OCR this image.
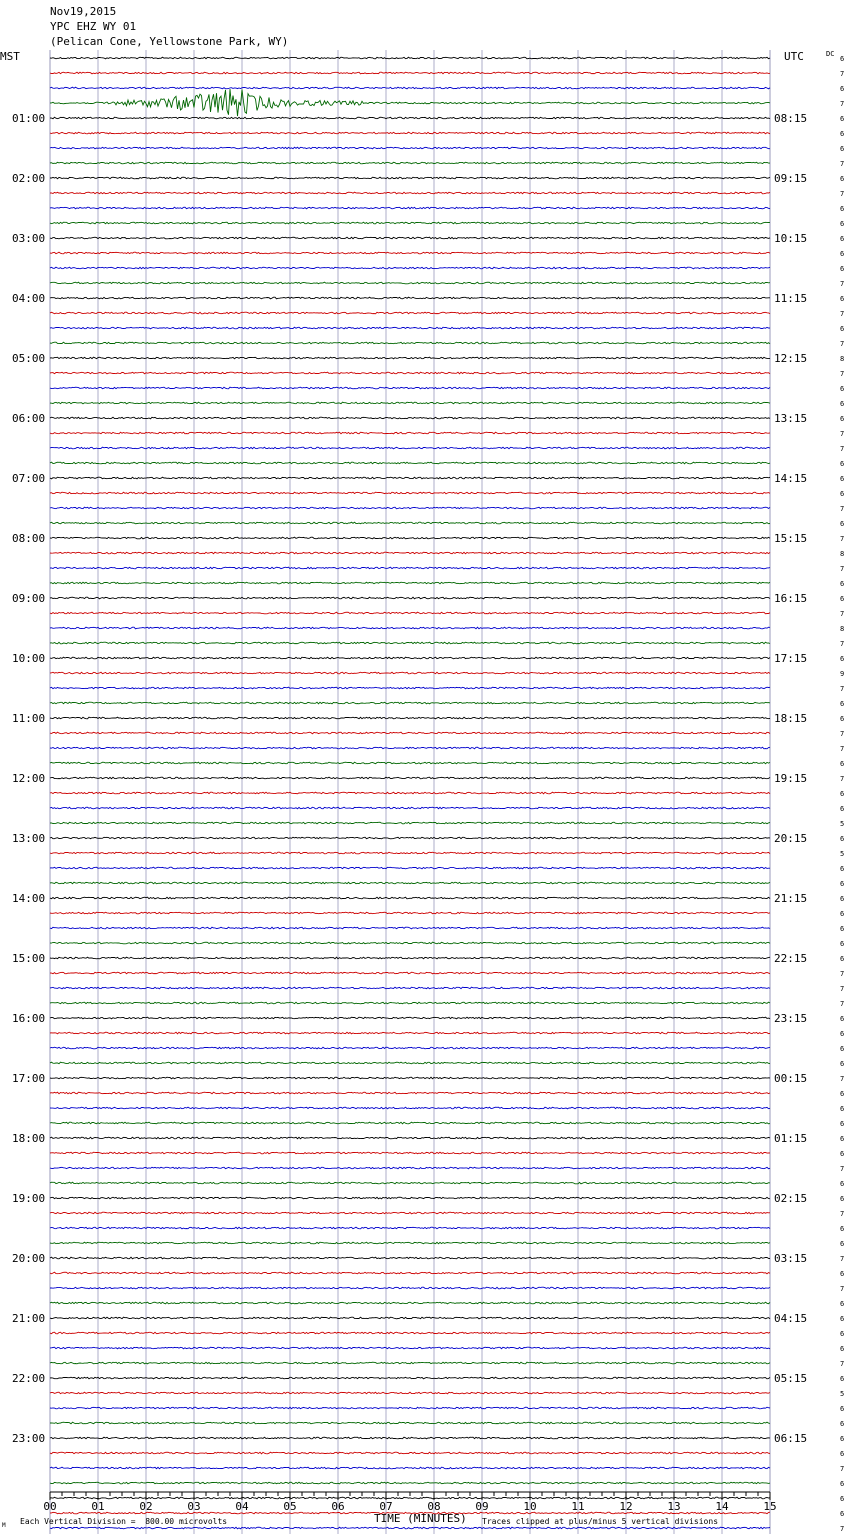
Nov19,2015
YPC EHZ WY 01
(Pelican Cone, Yellowstone Park, WY)
MST	UTC	DC
6
7
6
7
6
6
6
7
6
7
6
6
6
6
6
7
6
7
6
7
8
7
6
6
6
7
7
6
6
6
7
6
7
8
7
6
6
7
8
7
6
9
7
6
6
7
7
6
7
6
6
5
6
5
6
6
6
6
6
6
6
7
7
7
6
6
6
6
7
6
6
6
6
6
7
6
6
7
6
6
7
6
7
6
6
6
6
7
6
5
6
6
6
6
7
6
6
6
7
01:00
02:00
03:00
04:00
05:00
06:00
07:00
08:00
09:00
10:00
11:00
12:00
13:00
14:00
15:00
16:00
17:00
18:00
19:00
20:00
21:00
22:00
23:00
08:15
09:15
10:15
11:15
12:15
13:15
14:15
15:15
16:15
17:15
18:15
19:15
20:15
21:15
22:15
23:15
00:15
01:15
02:15
03:15
04:15
05:15
06:15
00	01	02	03	04	05	06	07	08	09	10	11	12	13	14	15
M Each Vertical Division =  800.00 microvolts	TIME (MINUTES) Traces clipped at plus/minus 5 vertical divisions
